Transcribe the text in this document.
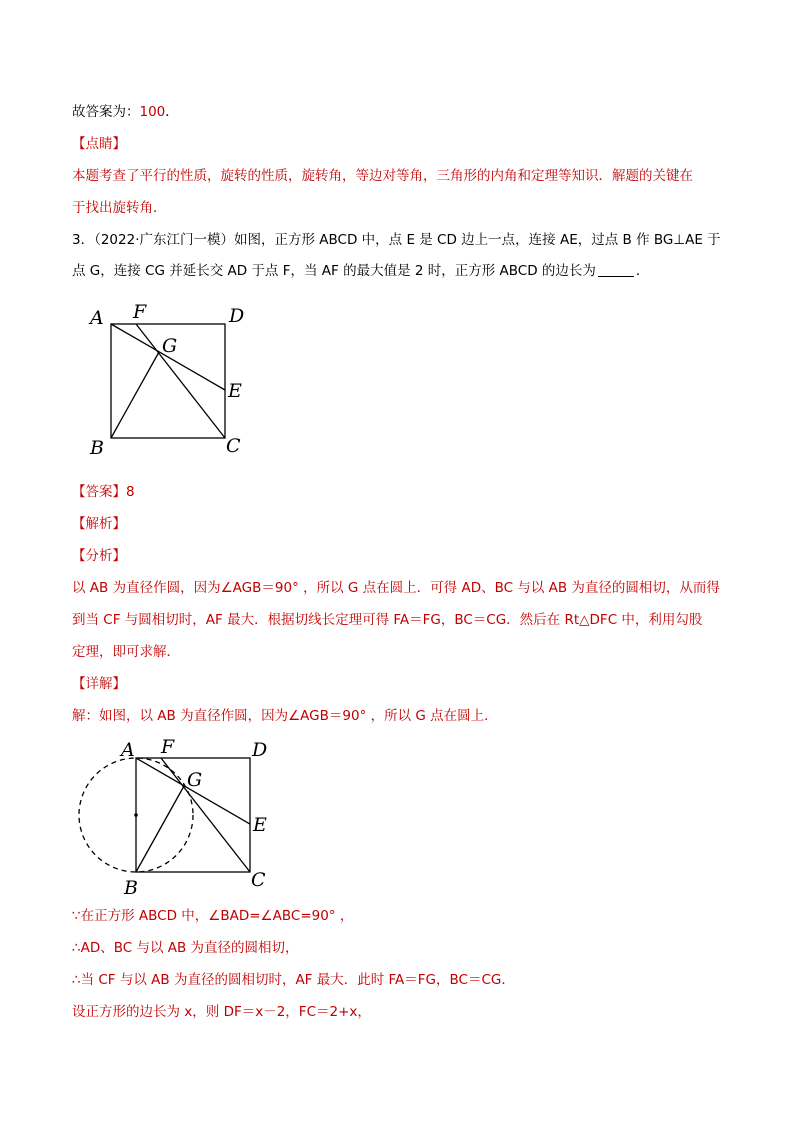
故答案为：100．
【点睛】
本题考查了平行的性质，旋转的性质，旋转角，等边对等角，三角形的内角和定理等知识．解题的关键在
于找出旋转角．
3．（2022·广东江门一模）如图，正方形 ABCD 中，点 E 是 CD 边上一点，连接 AE，过点 B 作 BG⊥AE 于
点 G，连接 CG 并延长交 AD 于点 F，当 AF 的最大值是 2 时，正方形 ABCD 的边长为	．
A F	D
G
E
B	C
【答案】8
【解析】
【分析】
以 AB 为直径作圆，因为∠AGB＝90° ，所以 G 点在圆上．可得 AD、BC 与以 AB 为直径的圆相切，从而得
到当 CF 与圆相切时，AF 最大．根据切线长定理可得 FA＝FG，BC＝CG．然后在 Rt△DFC 中，利用勾股
定理，即可求解．
【详解】
解：如图，以 AB 为直径作圆，因为∠AGB＝90° ，所以 G 点在圆上．
A F	D
G
E
B	C
∵在正方形 ABCD 中，∠BAD=∠ABC=90° ，
∴AD、BC 与以 AB 为直径的圆相切，
∴当 CF 与以 AB 为直径的圆相切时，AF 最大．此时 FA＝FG，BC＝CG．
设正方形的边长为 x，则 DF＝x－2，FC＝2+x，
